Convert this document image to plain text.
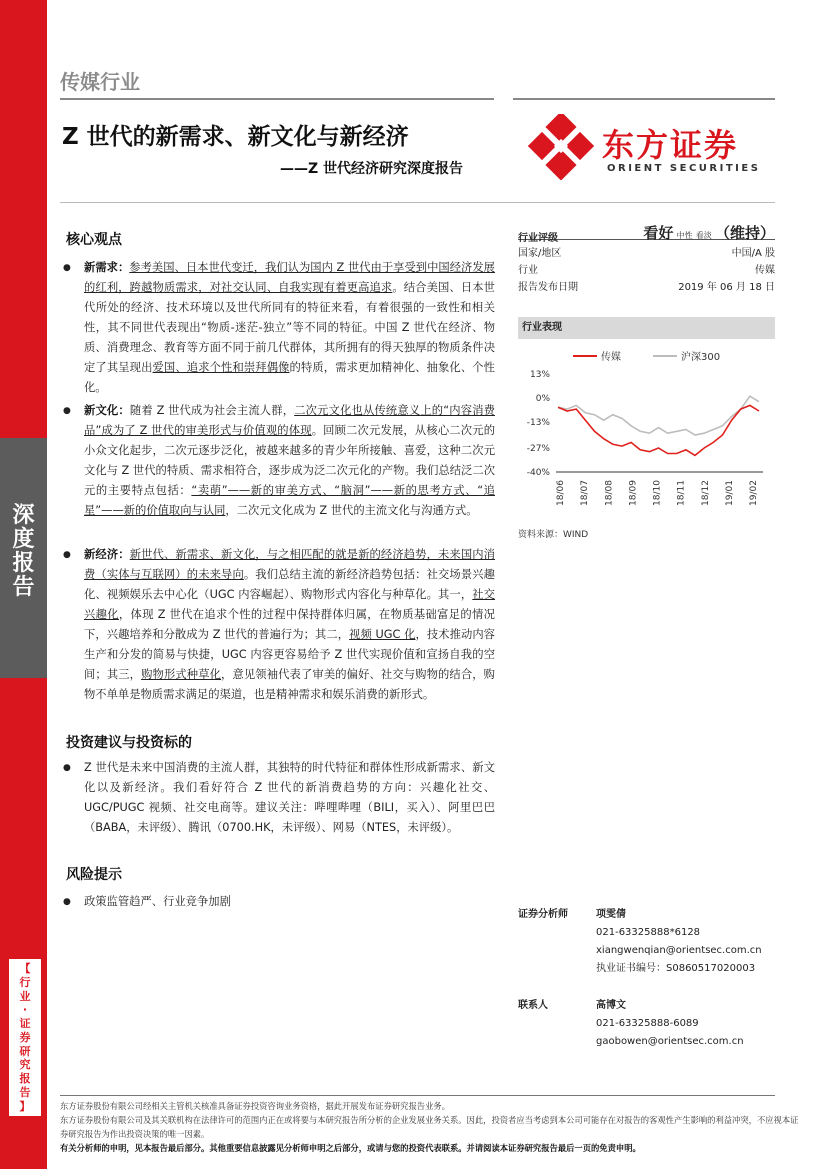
深
度
报
告
【
行
业
·
证
券
研
究
报
告
】
传媒行业
Z 世代的新需求、新文化与新经济
——Z 世代经济研究深度报告
东方证券
ORIENT SECURITIES
核心观点
●	新需求：参考美国、日本世代变迁，我们认为国内 Z 世代由于享受到中国经济发展的红利，跨越物质需求，对社交认同、自我实现有着更高追求。结合美国、日本世代所处的经济、技术环境以及世代所同有的特征来看，有着很强的一致性和相关性，其不同世代表现出“物质-迷茫-独立”等不同的特征。中国 Z 世代在经济、物质、消费理念、教育等方面不同于前几代群体，其所拥有的得天独厚的物质条件决定了其呈现出爱国、追求个性和崇拜偶像的特质，需求更加精神化、抽象化、个性化。
●	新文化：随着 Z 世代成为社会主流人群，二次元文化也从传统意义上的“内容消费品”成为了 Z 世代的审美形式与价值观的体现。回顾二次元发展，从核心二次元的小众文化起步，二次元逐步泛化，被越来越多的青少年所接触、喜爱，这种二次元文化与 Z 世代的特质、需求相符合，逐步成为泛二次元化的产物。我们总结泛二次元的主要特点包括：“卖萌”——新的审美方式、“脑洞”——新的思考方式、“追星”——新的价值取向与认同，二次元文化成为 Z 世代的主流文化与沟通方式。
●	新经济：新世代、新需求、新文化，与之相匹配的就是新的经济趋势，未来国内消费（实体与互联网）的未来导向。我们总结主流的新经济趋势包括：社交场景兴趣化、视频娱乐去中心化（UGC 内容崛起）、购物形式内容化与种草化。其一，社交兴趣化，体现 Z 世代在追求个性的过程中保持群体归属，在物质基础富足的情况下，兴趣培养和分散成为 Z 世代的普遍行为；其二，视频 UGC 化，技术推动内容生产和分发的简易与快捷，UGC 内容更容易给予 Z 世代实现价值和宣扬自我的空间；其三，购物形式种草化，意见领袖代表了审美的偏好、社交与购物的结合，购物不单单是物质需求满足的渠道，也是精神需求和娱乐消费的新形式。
投资建议与投资标的
●	Z 世代是未来中国消费的主流人群，其独特的时代特征和群体性形成新需求、新文化以及新经济。我们看好符合 Z 世代的新消费趋势的方向：兴趣化社交、UGC/PUGC 视频、社交电商等。建议关注：哔哩哔哩（BILI，买入）、阿里巴巴（BABA，未评级）、腾讯（0700.HK，未评级）、网易（NTES，未评级）。
风险提示
●	政策监管趋严、行业竞争加剧
行业评级	看好 中性 看淡 （维持）
国家/地区	中国/A 股
行业	传媒
报告发布日期	2019 年 06 月 18 日
行业表现
传媒	沪深300
13%
0%
-13%
-27%
-40%
18/06 18/07 18/08 18/09 18/10 18/11 18/12 19/01 19/02
资料来源：WIND
证券分析师	项雯倩
021-63325888*6128
xiangwenqian@orientsec.com.cn
执业证书编号：S0860517020003
联系人	高博文
021-63325888-6089
gaobowen@orientsec.com.cn
东方证券股份有限公司经相关主管机关核准具备证券投资咨询业务资格，据此开展发布证券研究报告业务。
东方证券股份有限公司及其关联机构在法律许可的范围内正在或将要与本研究报告所分析的企业发展业务关系。因此，投资者应当考虑到本公司可能存在对报告的客观性产生影响的利益冲突，不应视本证券研究报告为作出投资决策的唯一因素。
有关分析师的申明，见本报告最后部分。其他重要信息披露见分析师申明之后部分，或请与您的投资代表联系。并请阅读本证券研究报告最后一页的免责申明。
